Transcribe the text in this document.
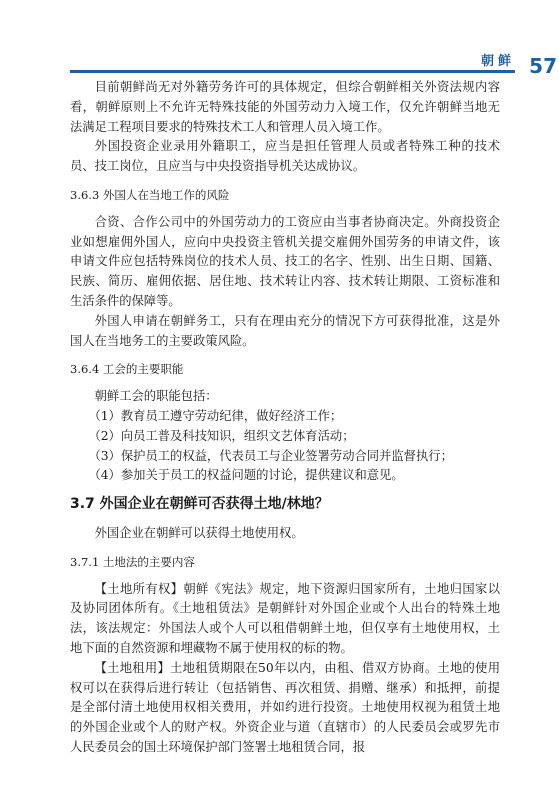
朝鲜 57

目前朝鲜尚无对外籍劳务许可的具体规定，但综合朝鲜相关外资法规内容看，朝鲜原则上不允许无特殊技能的外国劳动力入境工作，仅允许朝鲜当地无法满足工程项目要求的特殊技术工人和管理人员入境工作。

外国投资企业录用外籍职工，应当是担任管理人员或者特殊工种的技术员、技工岗位，且应当与中央投资指导机关达成协议。

3.6.3 外国人在当地工作的风险

合资、合作公司中的外国劳动力的工资应由当事者协商决定。外商投资企业如想雇佣外国人，应向中央投资主管机关提交雇佣外国劳务的申请文件，该申请文件应包括特殊岗位的技术人员、技工的名字、性别、出生日期、国籍、民族、简历、雇佣依据、居住地、技术转让内容、技术转让期限、工资标准和生活条件的保障等。

外国人申请在朝鲜务工，只有在理由充分的情况下方可获得批准，这是外国人在当地务工的主要政策风险。

3.6.4 工会的主要职能

朝鲜工会的职能包括：

（1）教育员工遵守劳动纪律，做好经济工作；
（2）向员工普及科技知识，组织文艺体育活动；
（3）保护员工的权益，代表员工与企业签署劳动合同并监督执行；
（4）参加关于员工的权益问题的讨论，提供建议和意见。

3.7 外国企业在朝鲜可否获得土地/林地？

外国企业在朝鲜可以获得土地使用权。

3.7.1 土地法的主要内容

【土地所有权】朝鲜《宪法》规定，地下资源归国家所有，土地归国家以及协同团体所有。《土地租赁法》是朝鲜针对外国企业或个人出台的特殊土地法，该法规定：外国法人或个人可以租借朝鲜土地，但仅享有土地使用权，土地下面的自然资源和埋藏物不属于使用权的标的物。

【土地租用】土地租赁期限在50年以内，由租、借双方协商。土地的使用权可以在获得后进行转让（包括销售、再次租赁、捐赠、继承）和抵押，前提是全部付清土地使用权相关费用，并如约进行投资。土地使用权视为租赁土地的外国企业或个人的财产权。外资企业与道（直辖市）的人民委员会或罗先市人民委员会的国土环境保护部门签署土地租赁合同，报
